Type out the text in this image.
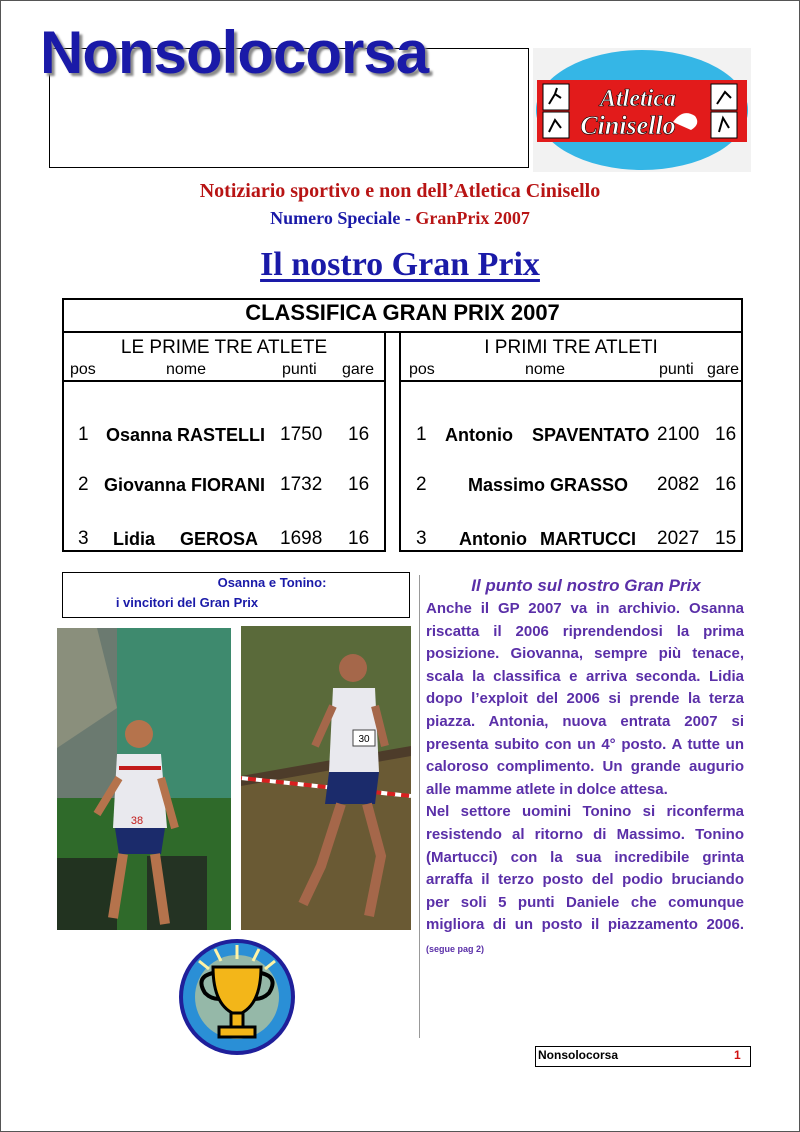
Nonsolocorsa
Atletica
Cinisello
Notiziario sportivo e non dell’Atletica Cinisello
Numero Speciale - GranPrix 2007
Il nostro Gran Prix
CLASSIFICA GRAN PRIX 2007
LE PRIME TRE ATLETE
pos	nome	punti gare
1 Osanna RASTELLI 1750 16
2 Giovanna FIORANI 1732 16
3 Lidia GEROSA 1698 16
I PRIMI TRE ATLETI
pos	nome	punti gare
1 Antonio SPAVENTATO 2100 16
2 Massimo GRASSO 2082 16
3 Antonio MARTUCCI 2027 15
Osanna e Tonino:
i vincitori del Gran Prix
38
30
Il punto sul nostro Gran Prix
Anche il GP 2007 va in archivio. Osanna riscatta il 2006 riprendendosi la prima posizione. Giovanna, sempre più tenace, scala la classifica e arriva seconda. Lidia dopo l’exploit del 2006 si prende la terza piazza. Antonia, nuova entrata 2007 si presenta subito con un 4° posto. A tutte un caloroso complimento. Un grande augurio alle mamme atlete in dolce attesa.
Nel settore uomini Tonino si riconferma resistendo al ritorno di Massimo. Tonino (Martucci) con la sua incredibile grinta arraffa il terzo posto del podio bruciando per soli 5 punti Daniele che comunque migliora di un posto il piazzamento 2006. (segue pag 2)
Nonsolocorsa	1
